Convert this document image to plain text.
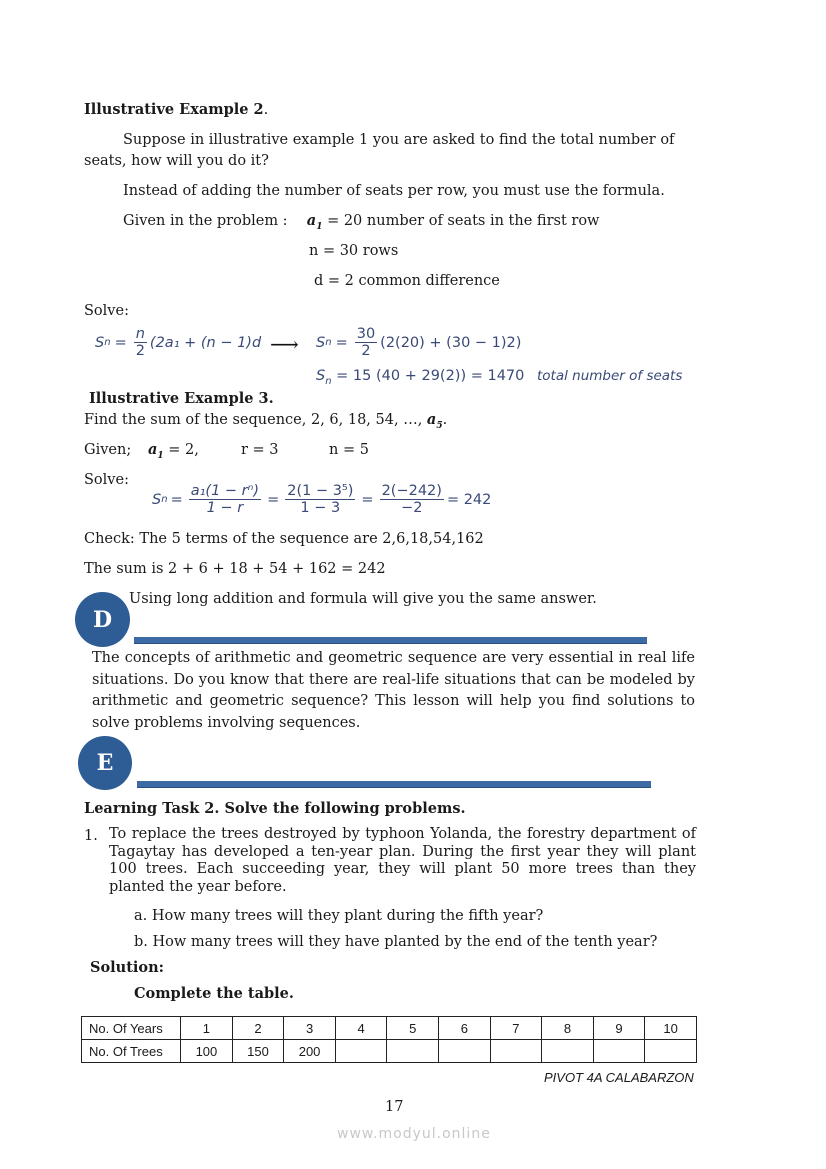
Illustrative Example 2.
Suppose in illustrative example 1 you are asked to find the total number of
seats, how will you do it?
Instead of adding the number of seats per row, you must use the formula.
Given in the problem : $a_1 = 20$ number of seats in the first row
n = 30 rows
d = 2 common difference
Solve:
S $n = \frac{n}{2} (2a_1 + (n - 1)d$ ⟶ S $n = \frac{30}{2} (2(20) + (30 - 1)2)$
$S_n = 15$ (40 + 29(2)) = 1470 total number of seats
Illustrative Example 3.
Find the sum of the sequence, 2, 6, 18, 54, …, $a_5$.
Given; $a_1 = 2$,	r = 3	n = 5
Solve:
S $n = \frac{\text{a₁(1 − rⁿ)}}{1 - r} = \frac{\text{2(1 − 3⁵)}}{1 - 3} = \frac{2(-242)}{-2} = 242$
Check: The 5 terms of the sequence are 2,6,18,54,162
The sum is 2 + 6 + 18 + 54 + 162 = 242
Using long addition and formula will give you the same answer.
D
The concepts of arithmetic and geometric sequence are very essential in real life situations. Do you know that there are real-life situations that can be modeled by arithmetic and geometric sequence? This lesson will help you find solutions to solve problems involving sequences.
E
Learning Task 2. Solve the following problems.
1. To replace the trees destroyed by typhoon Yolanda, the forestry department of Tagaytay has developed a ten-year plan. During the first year they will plant 100 trees. Each succeeding year, they will plant 50 more trees than they planted the year before.
a. How many trees will they plant during the fifth year?
b. How many trees will they have planted by the end of the tenth year?
Solution:
Complete the table.
No. Of Years	1	2	3	4	5	6	7	8	9	10
No. Of Trees	100	150	200							
PIVOT 4A CALABARZON
17
www.modyul.online
